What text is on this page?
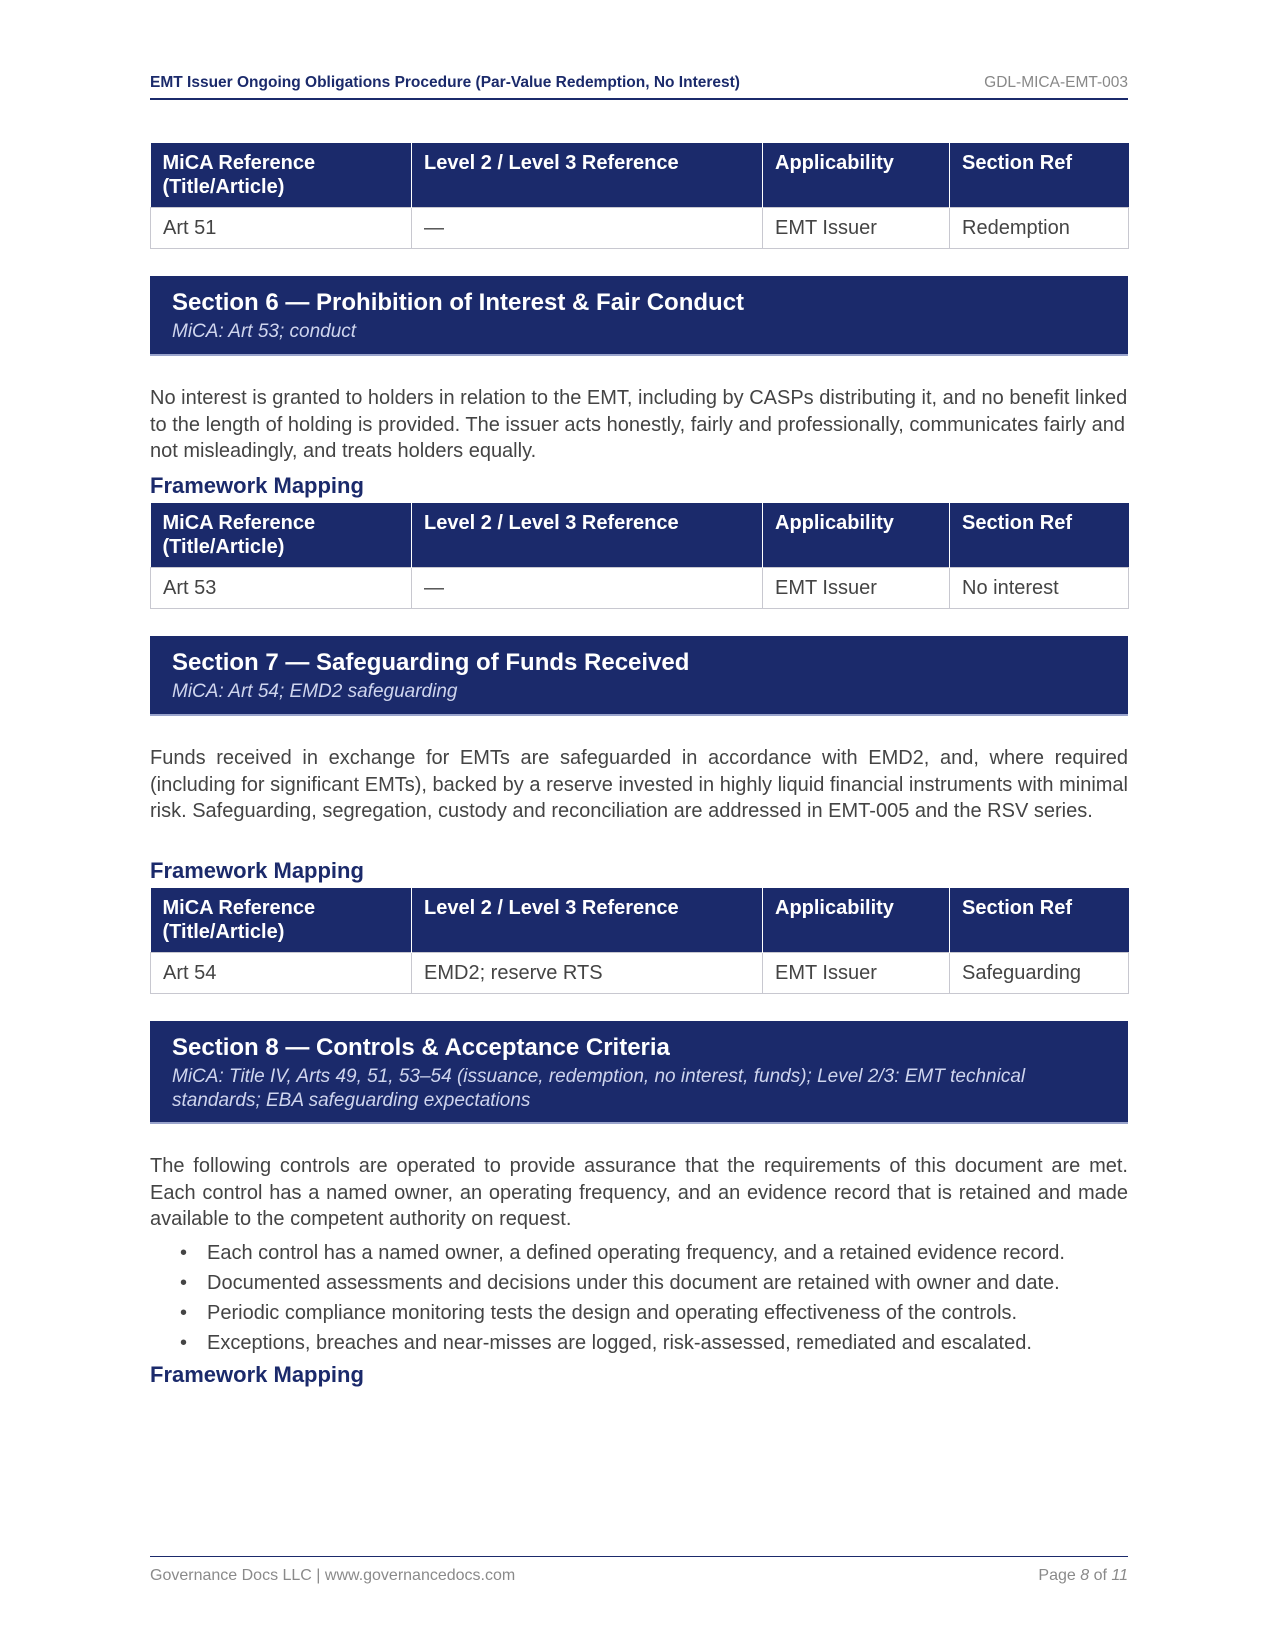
EMT Issuer Ongoing Obligations Procedure (Par-Value Redemption, No Interest)	GDL-MICA-EMT-003
MiCA Reference (Title/Article)	Level 2 / Level 3 Reference	Applicability	Section Ref
Art 51	—	EMT Issuer	Redemption
Section 6 — Prohibition of Interest & Fair Conduct
MiCA: Art 53; conduct
No interest is granted to holders in relation to the EMT, including by CASPs distributing it, and no benefit linked to the length of holding is provided. The issuer acts honestly, fairly and professionally, communicates fairly and not misleadingly, and treats holders equally.
Framework Mapping
MiCA Reference (Title/Article)	Level 2 / Level 3 Reference	Applicability	Section Ref
Art 53	—	EMT Issuer	No interest
Section 7 — Safeguarding of Funds Received
MiCA: Art 54; EMD2 safeguarding
Funds received in exchange for EMTs are safeguarded in accordance with EMD2, and, where required (including for significant EMTs), backed by a reserve invested in highly liquid financial instruments with minimal risk. Safeguarding, segregation, custody and reconciliation are addressed in EMT-005 and the RSV series.
Framework Mapping
MiCA Reference (Title/Article)	Level 2 / Level 3 Reference	Applicability	Section Ref
Art 54	EMD2; reserve RTS	EMT Issuer	Safeguarding
Section 8 — Controls & Acceptance Criteria
MiCA: Title IV, Arts 49, 51, 53–54 (issuance, redemption, no interest, funds); Level 2/3: EMT technical standards; EBA safeguarding expectations
The following controls are operated to provide assurance that the requirements of this document are met. Each control has a named owner, an operating frequency, and an evidence record that is retained and made available to the competent authority on request.
• Each control has a named owner, a defined operating frequency, and a retained evidence record.
• Documented assessments and decisions under this document are retained with owner and date.
• Periodic compliance monitoring tests the design and operating effectiveness of the controls.
• Exceptions, breaches and near-misses are logged, risk-assessed, remediated and escalated.
Framework Mapping
Governance Docs LLC | www.governancedocs.com	Page 8 of 11
